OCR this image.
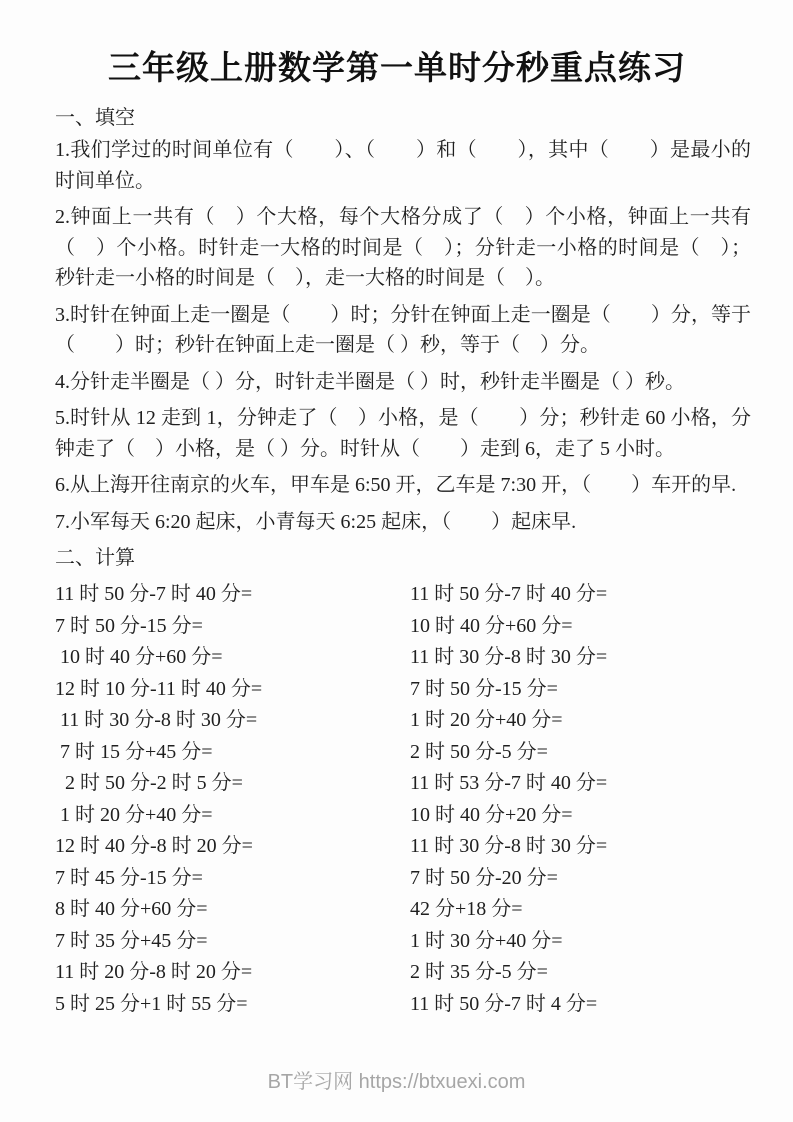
三年级上册数学第一单时分秒重点练习
一、填空

1.我们学过的时间单位有（　　）、（　　）和（　　），其中（　　）是最小的时间单位。

2.钟面上一共有（　）个大格，每个大格分成了（　）个小格，钟面上一共有（　）个小格。时针走一大格的时间是（　）；分针走一小格的时间是（　）；秒针走一小格的时间是（　），走一大格的时间是（　）。

3.时针在钟面上走一圈是（　　）时；分针在钟面上走一圈是（　　）分，等于（　　）时；秒针在钟面上走一圈是（ ）秒，等于（　）分。

4.分针走半圈是（ ）分，时针走半圈是（ ）时，秒针走半圈是（ ）秒。

5.时针从 12 走到 1，分钟走了（　）小格，是（　　）分；秒针走 60 小格，分钟走了（　）小格，是（ ）分。时针从（　　）走到 6，走了 5 小时。

6.从上海开往南京的火车，甲车是 6:50 开，乙车是 7:30 开，（　　）车开的早.

7.小军每天 6:20 起床，小青每天 6:25 起床，（　　）起床早.

二、计算
11 时 50 分-7 时 40 分=	11 时 50 分-7 时 40 分=
7 时 50 分-15 分=	10 时 40 分+60 分=
10 时 40 分+60 分=	11 时 30 分-8 时 30 分=
12 时 10 分-11 时 40 分=	7 时 50 分-15 分=
11 时 30 分-8 时 30 分=	1 时 20 分+40 分=
7 时 15 分+45 分=	2 时 50 分-5 分=
2 时 50 分-2 时 5 分=	11 时 53 分-7 时 40 分=
1 时 20 分+40 分=	10 时 40 分+20 分=
12 时 40 分-8 时 20 分=	11 时 30 分-8 时 30 分=
7 时 45 分-15 分=	7 时 50 分-20 分=
8 时 40 分+60 分=	42 分+18 分=
7 时 35 分+45 分=	1 时 30 分+40 分=
11 时 20 分-8 时 20 分=	2 时 35 分-5 分=
5 时 25 分+1 时 55 分=	11 时 50 分-7 时 4 分=
BT学习网 https://btxuexi.com
